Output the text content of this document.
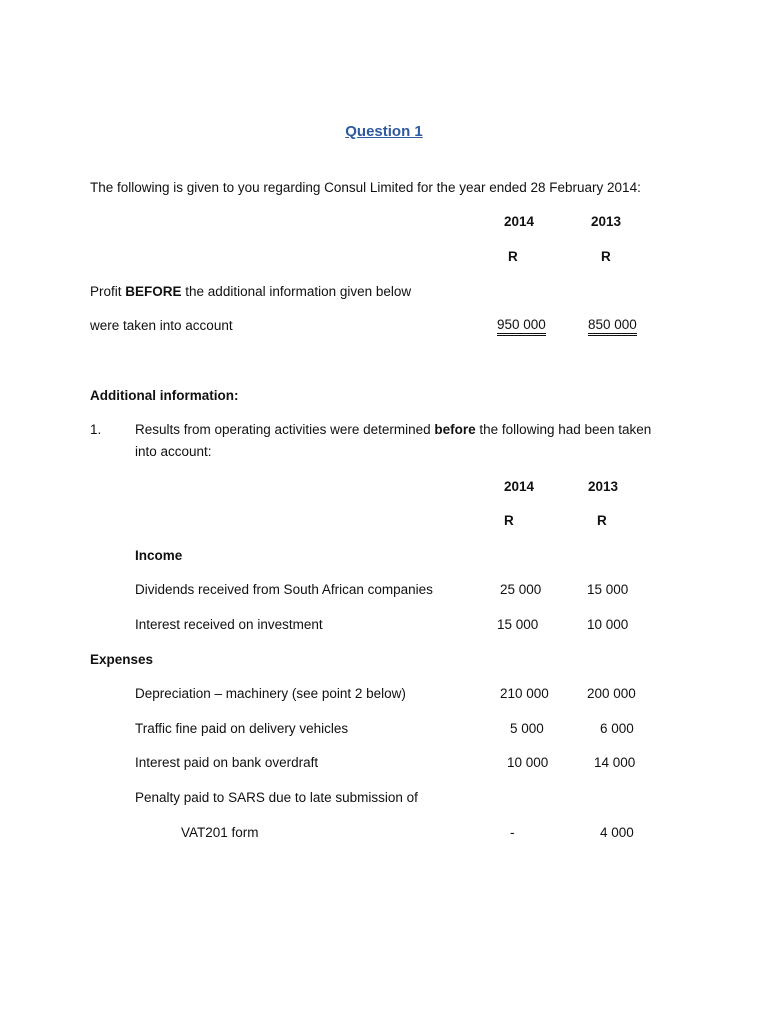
Question 1
The following is given to you regarding Consul Limited for the year ended 28 February 2014:
2014	2013
R	R
Profit BEFORE the additional information given below
were taken into account	950 000	850 000
Additional information:
1. Results from operating activities were determined before the following had been taken
into account:
2014	2013
R	R
Income
Dividends received from South African companies	25 000	15 000
Interest received on investment	15 000	10 000
Expenses
Depreciation – machinery (see point 2 below)	210 000	200 000
Traffic fine paid on delivery vehicles	5 000	6 000
Interest paid on bank overdraft	10 000	14 000
Penalty paid to SARS due to late submission of
VAT201 form	-	4 000
